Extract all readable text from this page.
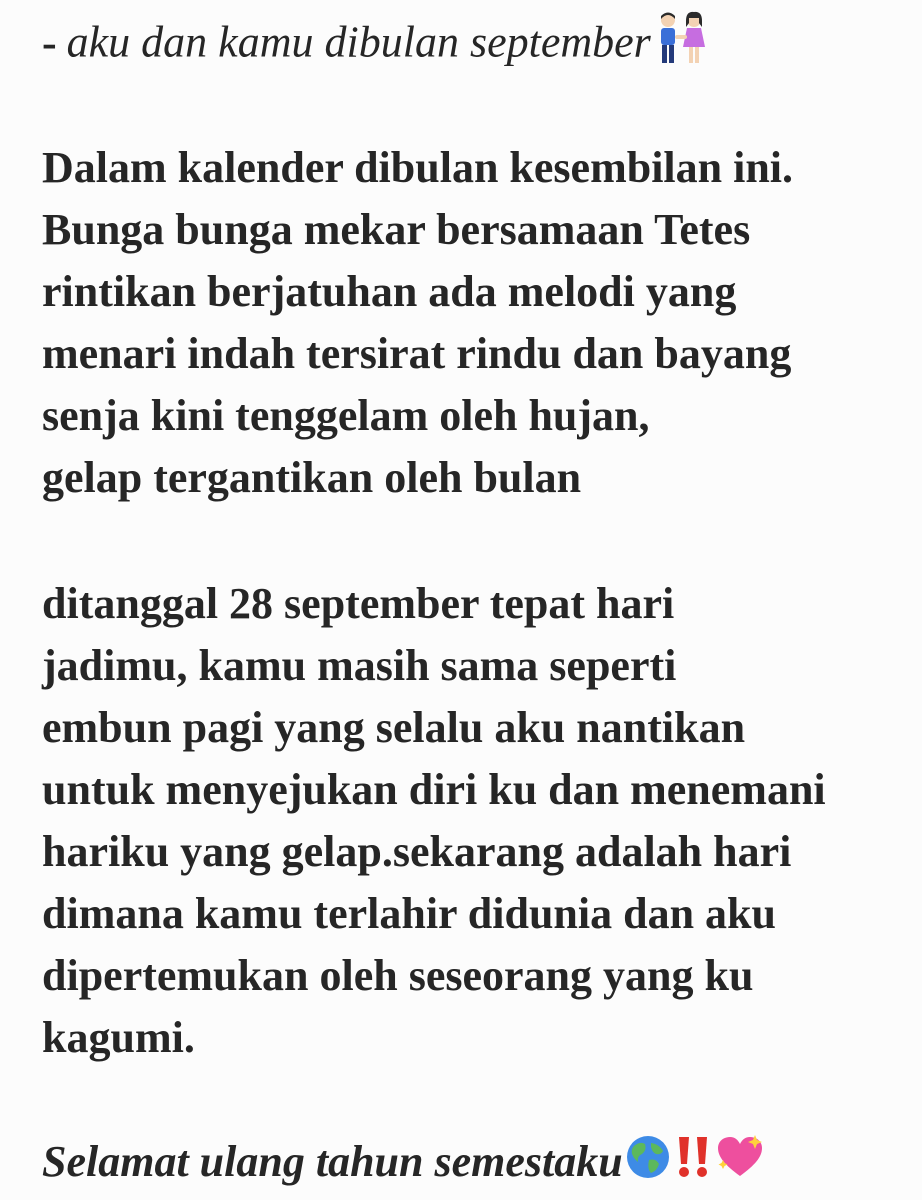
- aku dan kamu dibulan september
Dalam kalender dibulan kesembilan ini.
Bunga bunga mekar bersamaan Tetes
rintikan berjatuhan ada melodi yang
menari indah tersirat rindu dan bayang
senja kini tenggelam oleh hujan,
gelap tergantikan oleh bulan
ditanggal 28 september tepat hari
jadimu, kamu masih sama seperti
embun pagi yang selalu aku nantikan
untuk menyejukan diri ku dan menemani
hariku yang gelap.sekarang adalah hari
dimana kamu terlahir didunia dan aku
dipertemukan oleh seseorang yang ku
kagumi.
Selamat ulang tahun semestaku
